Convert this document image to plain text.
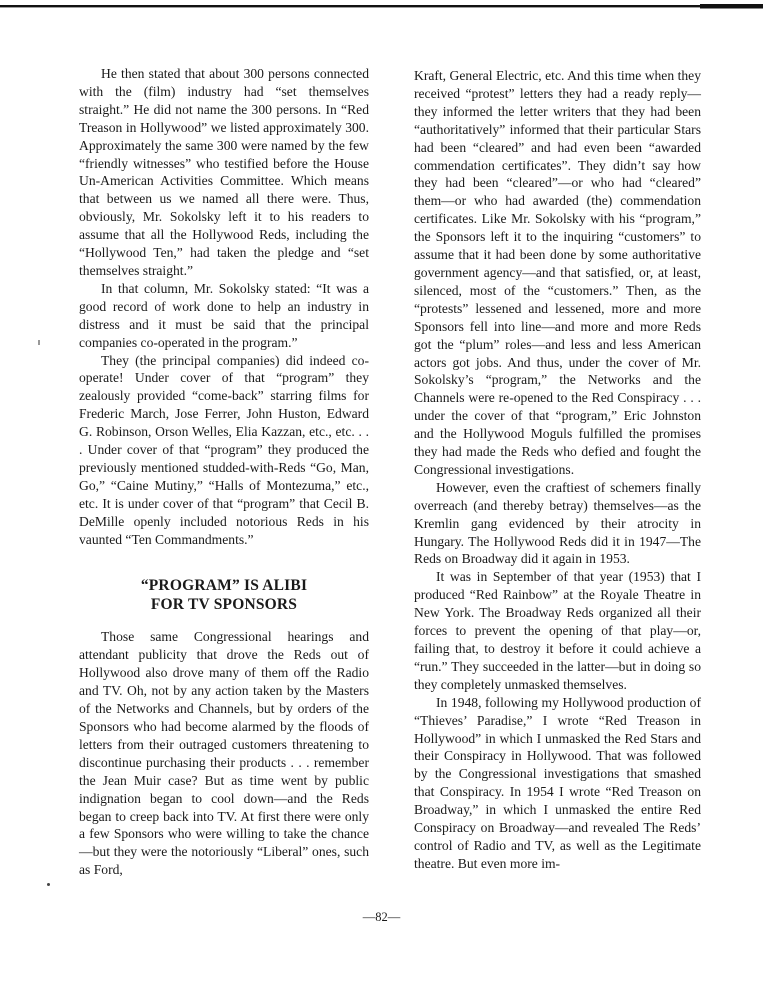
He then stated that about 300 persons connected with the (film) industry had “set themselves straight.” He did not name the 300 persons. In “Red Treason in Hollywood” we listed approximately 300. Approximately the same 300 were named by the few “friendly witnesses” who testified before the House Un-American Activities Committee. Which means that between us we named all there were. Thus, obviously, Mr. Sokolsky left it to his readers to assume that all the Hollywood Reds, including the “Hollywood Ten,” had taken the pledge and “set themselves straight.”

In that column, Mr. Sokolsky stated: “It was a good record of work done to help an industry in distress and it must be said that the principal companies co-operated in the program.”

They (the principal companies) did indeed co-operate! Under cover of that “program” they zealously provided “come-back” starring films for Frederic March, Jose Ferrer, John Huston, Edward G. Robinson, Orson Welles, Elia Kazzan, etc., etc. . . . Under cover of that “program” they produced the previously mentioned studded-with-Reds “Go, Man, Go,” “Caine Mutiny,” “Halls of Montezuma,” etc., etc. It is under cover of that “program” that Cecil B. DeMille openly included notorious Reds in his vaunted “Ten Commandments.”

“PROGRAM” IS ALIBI
FOR TV SPONSORS

Those same Congressional hearings and attendant publicity that drove the Reds out of Hollywood also drove many of them off the Radio and TV. Oh, not by any action taken by the Masters of the Networks and Channels, but by orders of the Sponsors who had become alarmed by the floods of letters from their outraged customers threatening to discontinue purchasing their products . . . remember the Jean Muir case? But as time went by public indignation began to cool down—and the Reds began to creep back into TV. At first there were only a few Sponsors who were willing to take the chance—but they were the notoriously “Liberal” ones, such as Ford,

Kraft, General Electric, etc. And this time when they received “protest” letters they had a ready reply—they informed the letter writers that they had been “authoritatively” informed that their particular Stars had been “cleared” and had even been “awarded commendation certificates”. They didn’t say how they had been “cleared”—or who had “cleared” them—or who had awarded (the) commendation certificates. Like Mr. Sokolsky with his “program,” the Sponsors left it to the inquiring “customers” to assume that it had been done by some authoritative government agency—and that satisfied, or, at least, silenced, most of the “customers.” Then, as the “protests” lessened and lessened, more and more Sponsors fell into line—and more and more Reds got the “plum” roles—and less and less American actors got jobs. And thus, under the cover of Mr. Sokolsky’s “program,” the Networks and the Channels were re-opened to the Red Conspiracy . . . under the cover of that “program,” Eric Johnston and the Hollywood Moguls fulfilled the promises they had made the Reds who defied and fought the Congressional investigations.

However, even the craftiest of schemers finally overreach (and thereby betray) themselves—as the Kremlin gang evidenced by their atrocity in Hungary. The Hollywood Reds did it in 1947—The Reds on Broadway did it again in 1953.

It was in September of that year (1953) that I produced “Red Rainbow” at the Royale Theatre in New York. The Broadway Reds organized all their forces to prevent the opening of that play—or, failing that, to destroy it before it could achieve a “run.” They succeeded in the latter—but in doing so they completely unmasked themselves.

In 1948, following my Hollywood production of “Thieves’ Paradise,” I wrote “Red Treason in Hollywood” in which I unmasked the Red Stars and their Conspiracy in Hollywood. That was followed by the Congressional investigations that smashed that Conspiracy. In 1954 I wrote “Red Treason on Broadway,” in which I unmasked the entire Red Conspiracy on Broadway—and revealed The Reds’ control of Radio and TV, as well as the Legitimate theatre. But even more im-

—82—
